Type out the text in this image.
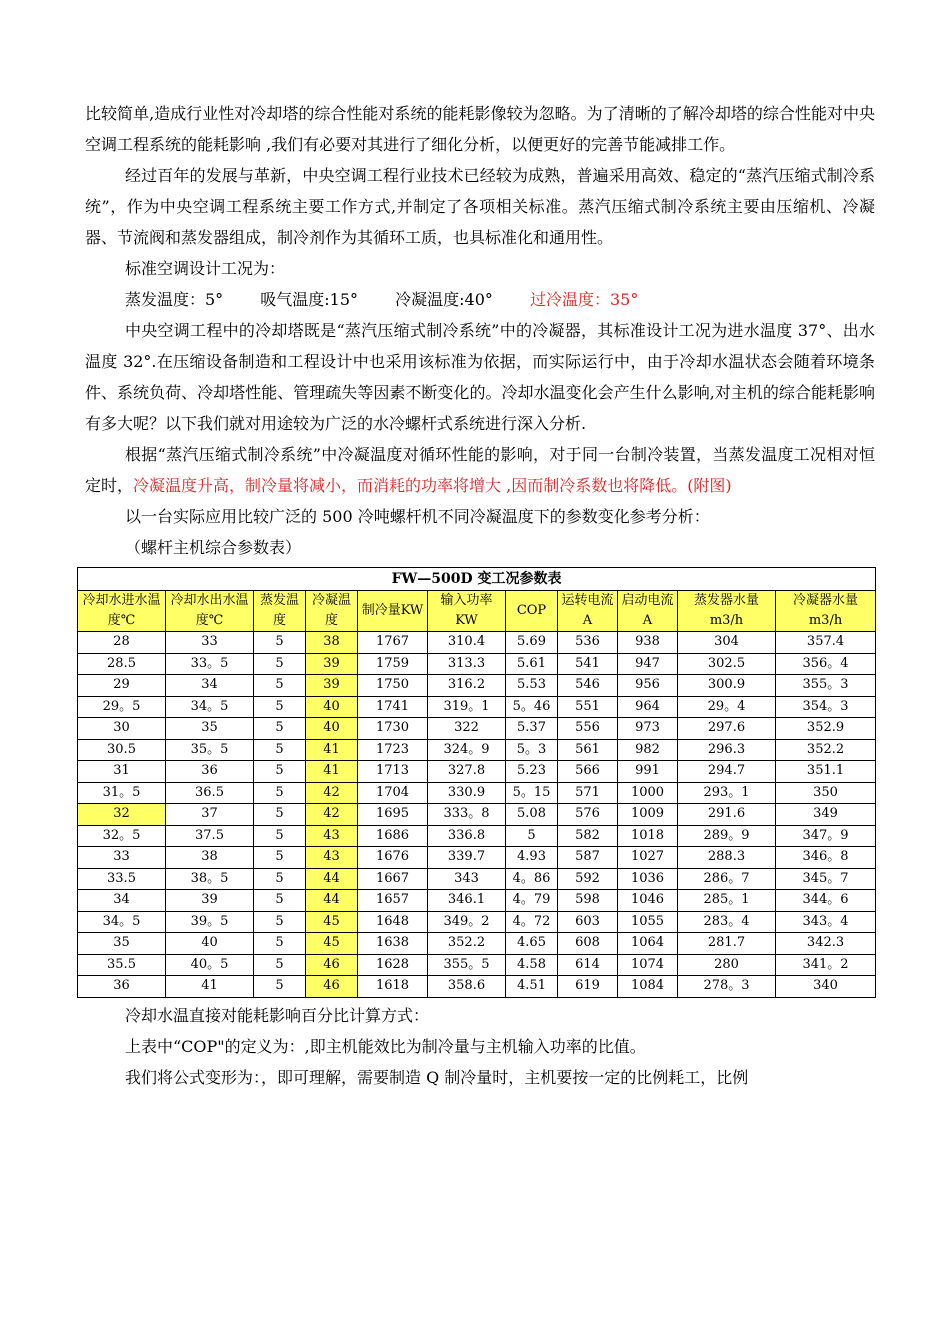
比较简单,造成行业性对冷却塔的综合性能对系统的能耗影像较为忽略。为了清晰的了解冷却塔的综合性能对中央空调工程系统的能耗影响 ,我们有必要对其进行了细化分析，以便更好的完善节能减排工作。

经过百年的发展与革新，中央空调工程行业技术已经较为成熟，普遍采用高效、稳定的“蒸汽压缩式制冷系统”，作为中央空调工程系统主要工作方式,并制定了各项相关标准。蒸汽压缩式制冷系统主要由压缩机、冷凝器、节流阀和蒸发器组成，制冷剂作为其循环工质，也具标准化和通用性。

标准空调设计工况为：

蒸发温度：5° 吸气温度:15° 冷凝温度:40° 过冷温度：35°

中央空调工程中的冷却塔既是“蒸汽压缩式制冷系统”中的冷凝器，其标准设计工况为进水温度 37°、出水温度 32°.在压缩设备制造和工程设计中也采用该标准为依据，而实际运行中，由于冷却水温状态会随着环境条件、系统负荷、冷却塔性能、管理疏失等因素不断变化的。冷却水温变化会产生什么影响,对主机的综合能耗影响有多大呢？以下我们就对用途较为广泛的水冷螺杆式系统进行深入分析.

根据“蒸汽压缩式制冷系统”中冷凝温度对循环性能的影响，对于同一台制冷装置，当蒸发温度工况相对恒定时，冷凝温度升高，制冷量将减小，而消耗的功率将增大 ,因而制冷系数也将降低。(附图)

以一台实际应用比较广泛的 500 冷吨螺杆机不同冷凝温度下的参数变化参考分析：

（螺杆主机综合参数表）

FW—500D 变工况参数表										
冷却水进水温度℃	冷却水出水温度℃	蒸发温度	冷凝温度	制冷量KW	输入功率 KW	COP	运转电流 A	启动电流 A	蒸发器水量 m3/h	冷凝器水量 m3/h
28	33	5	38	1767	310.4	5.69	536	938	304	357.4
28.5	33。5	5	39	1759	313.3	5.61	541	947	302.5	356。4
29	34	5	39	1750	316.2	5.53	546	956	300.9	355。3
29。5	34。5	5	40	1741	319。1	5。46	551	964	29。4	354。3
30	35	5	40	1730	322	5.37	556	973	297.6	352.9
30.5	35。5	5	41	1723	324。9	5。3	561	982	296.3	352.2
31	36	5	41	1713	327.8	5.23	566	991	294.7	351.1
31。5	36.5	5	42	1704	330.9	5。15	571	1000	293。1	350
32	37	5	42	1695	333。8	5.08	576	1009	291.6	349
32。5	37.5	5	43	1686	336.8	5	582	1018	289。9	347。9
33	38	5	43	1676	339.7	4.93	587	1027	288.3	346。8
33.5	38。5	5	44	1667	343	4。86	592	1036	286。7	345。7
34	39	5	44	1657	346.1	4。79	598	1046	285。1	344。6
34。5	39。5	5	45	1648	349。2	4。72	603	1055	283。4	343。4
35	40	5	45	1638	352.2	4.65	608	1064	281.7	342.3
35.5	40。5	5	46	1628	355。5	4.58	614	1074	280	341。2
36	41	5	46	1618	358.6	4.51	619	1084	278。3	340

冷却水温直接对能耗影响百分比计算方式：

上表中“COP"的定义为：,即主机能效比为制冷量与主机输入功率的比值。

我们将公式变形为：，即可理解，需要制造 Q 制冷量时，主机要按一定的比例耗工，比例
